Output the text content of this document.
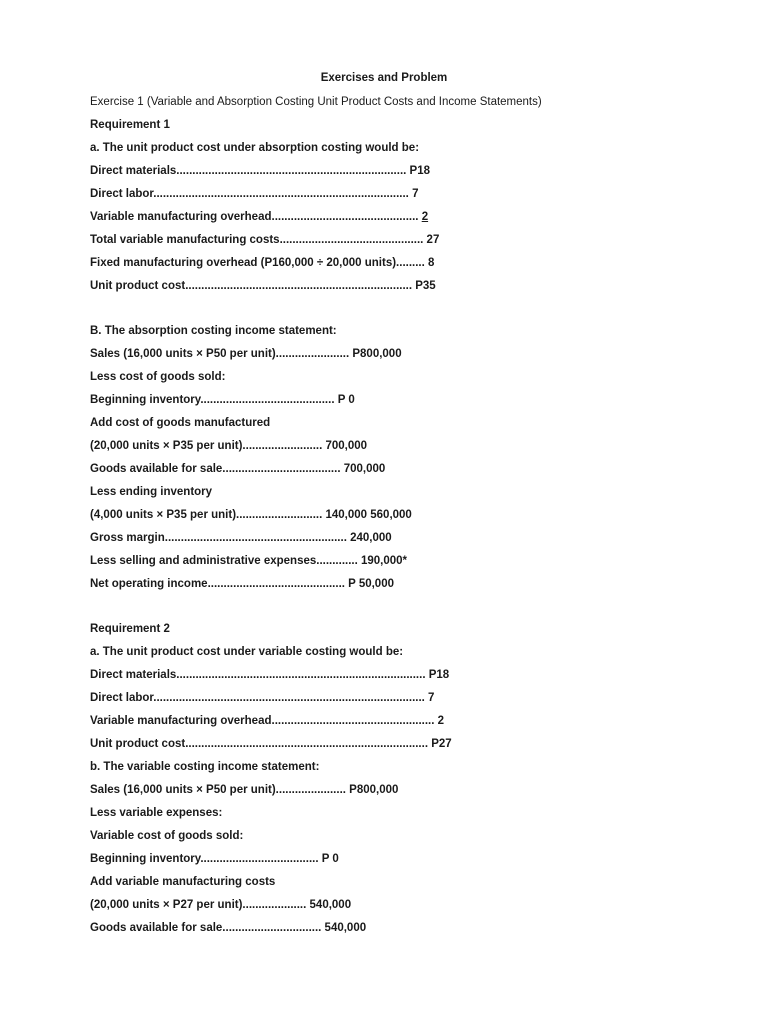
Exercises and Problem
Exercise 1 (Variable and Absorption Costing Unit Product Costs and Income Statements)
Requirement 1
a. The unit product cost under absorption costing would be:
Direct materials........................................................................ P18
Direct labor................................................................................ 7
Variable manufacturing overhead.............................................. 2
Total variable manufacturing costs............................................. 27
Fixed manufacturing overhead (P160,000 ÷ 20,000 units)......... 8
Unit product cost....................................................................... P35
B. The absorption costing income statement:
Sales (16,000 units × P50 per unit)....................... P800,000
Less cost of goods sold:
Beginning inventory.......................................... P 0
Add cost of goods manufactured
(20,000 units × P35 per unit)......................... 700,000
Goods available for sale..................................... 700,000
Less ending inventory
(4,000 units × P35 per unit)........................... 140,000 560,000
Gross margin......................................................... 240,000
Less selling and administrative expenses............. 190,000*
Net operating income........................................... P 50,000
Requirement 2
a. The unit product cost under variable costing would be:
Direct materials.............................................................................. P18
Direct labor..................................................................................... 7
Variable manufacturing overhead................................................... 2
Unit product cost............................................................................ P27
b. The variable costing income statement:
Sales (16,000 units × P50 per unit)...................... P800,000
Less variable expenses:
Variable cost of goods sold:
Beginning inventory..................................... P 0
Add variable manufacturing costs
(20,000 units × P27 per unit).................... 540,000
Goods available for sale............................... 540,000
